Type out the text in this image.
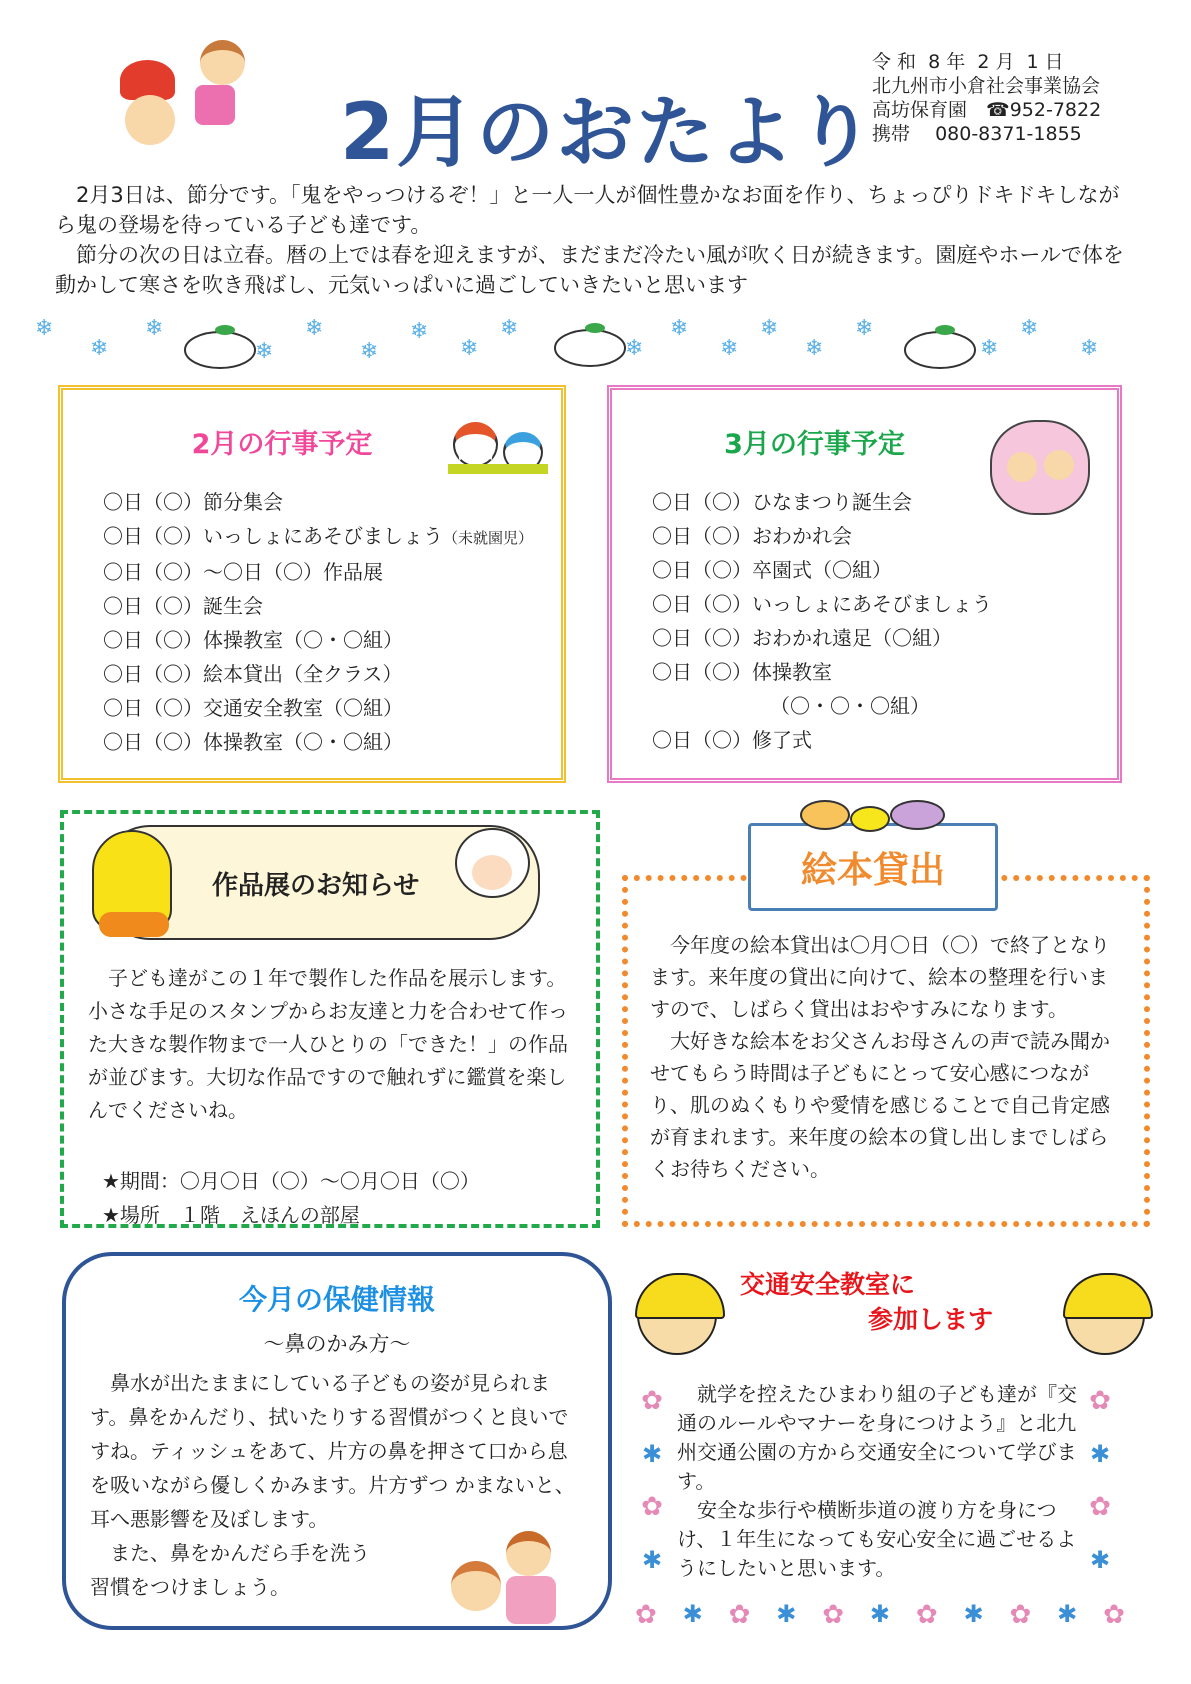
2月のおたより
令 和  8 年  2 月  1 日
北九州市小倉社会事業協会
高坊保育園　 ☎952-7822
携帯　 080-8371-1855

2月3日は、節分です。「鬼をやっつけるぞ！」と一人一人が個性豊かなお面を作り、ちょっぴりドキドキしながら鬼の登場を待っている子ども達です。

節分の次の日は立春。暦の上では春を迎えますが、まだまだ冷たい風が吹く日が続きます。園庭やホールで体を動かして寒さを吹き飛ばし、元気いっぱいに過ごしていきたいと思います

❄
❄
❄
❄
❄
❄
❄
❄
❄
❄
❄
❄
❄
❄
❄
❄
❄
❄
2月の行事予定
〇日（〇）節分集会
〇日（〇）いっしょにあそびましょう（未就園児）
〇日（〇）～〇日（〇）作品展
〇日（〇）誕生会
〇日（〇）体操教室（〇・〇組）
〇日（〇）絵本貸出（全クラス）
〇日（〇）交通安全教室（〇組）
〇日（〇）体操教室（〇・〇組）
3月の行事予定
〇日（〇）ひなまつり誕生会
〇日（〇）おわかれ会
〇日（〇）卒園式（〇組）
〇日（〇）いっしょにあそびましょう
〇日（〇）おわかれ遠足（〇組）
〇日（〇）体操教室
（〇・〇・〇組）
〇日（〇）修了式

子ども達がこの１年で製作した作品を展示します。小さな手足のスタンプからお友達と力を合わせて作った大きな製作物まで一人ひとりの「できた！」の作品が並びます。大切な作品ですので触れずに鑑賞を楽しんでくださいね。

★期間：〇月〇日（〇）～〇月〇日（〇）
★場所　１階　えほんの部屋
作品展のお知らせ

今年度の絵本貸出は〇月〇日（〇）で終了となります。来年度の貸出に向けて、絵本の整理を行いますので、しばらく貸出はおやすみになります。

大好きな絵本をお父さんお母さんの声で読み聞かせてもらう時間は子どもにとって安心感につながり、肌のぬくもりや愛情を感じることで自己肯定感が育まれます。来年度の絵本の貸し出しまでしばらくお待ちください。

絵本貸出
今月の保健情報
～鼻のかみ方～

鼻水が出たままにしている子どもの姿が見られます。鼻をかんだり、拭いたりする習慣がつくと良いですね。ティッシュをあて、片方の鼻を押さて口から息を吸いながら優しくかみます。片方ずつ かまないと、耳へ悪影響を及ぼします。

また、鼻をかんだら手を洗う

習慣をつけましょう。

就学を控えたひまわり組の子ども達が『交通のルールやマナーを身につけよう』と北九州交通公園の方から交通安全について学びます。

安全な歩行や横断歩道の渡り方を身につけ、１年生になっても安心安全に過ごせるようにしたいと思います。

✿
✱
✿
✱
✿
✱
✿
✱
✿ ✱ ✿ ✱ ✿ ✱ ✿ ✱ ✿ ✱ ✿
交通安全教室に
参加します
